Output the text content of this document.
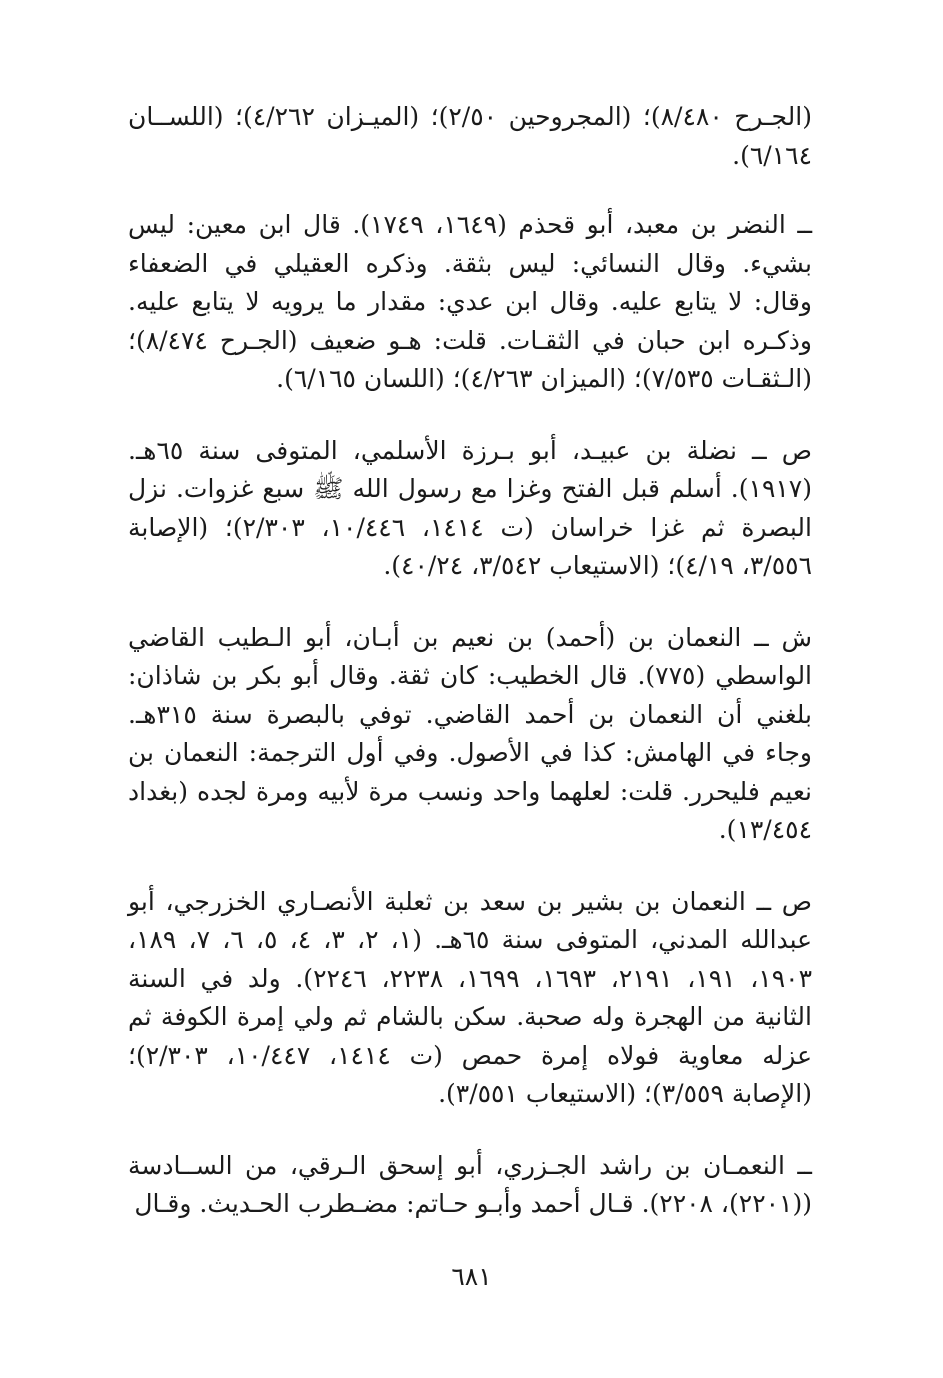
(الجـرح ٨/٤٨٠)؛ (المجروحين ٢/٥٠)؛ (الميـزان ٤/٢٦٢)؛ (اللســان ٦/١٦٤).

ــ النضر بن معبد، أبو قحذم (١٦٤٩، ١٧٤٩). قال ابن معين: ليس بشيء. وقال النسائي: ليس بثقة. وذكره العقيلي في الضعفاء وقال: لا يتابع عليه. وقال ابن عدي: مقدار ما يرويه لا يتابع عليه. وذكـره ابن حبان في الثقـات. قلت: هـو ضعيف (الجـرح ٨/٤٧٤)؛ (الـثقـات ٧/٥٣٥)؛ (الميزان ٤/٢٦٣)؛ (اللسان ٦/١٦٥).

ص ــ نضلة بن عبيـد، أبو بـرزة الأسلمي، المتوفى سنة ٦٥هـ. (١٩١٧). أسلم قبل الفتح وغزا مع رسول الله ﷺ سبع غزوات. نزل البصرة ثم غزا خراسان (ت ١٤١٤، ١٠/٤٤٦، ٢/٣٠٣)؛ (الإصابة ٣/٥٥٦، ٤/١٩)؛ (الاستيعاب ٣/٥٤٢، ٤٠/٢٤).

ش ــ النعمان بن (أحمد) بن نعيم بن أبـان، أبو الـطيب القاضي الواسطي (٧٧٥). قال الخطيب: كان ثقة. وقال أبو بكر بن شاذان: بلغني أن النعمان بن أحمد القاضي. توفي بالبصرة سنة ٣١٥هـ. وجاء في الهامش: كذا في الأصول. وفي أول الترجمة: النعمان بن نعيم فليحرر. قلت: لعلهما واحد ونسب مرة لأبيه ومرة لجده (بغداد ١٣/٤٥٤).

ص ــ النعمان بن بشير بن سعد بن ثعلبة الأنصـاري الخزرجي، أبو عبدالله المدني، المتوفى سنة ٦٥هـ. (١، ٢، ٣، ٤، ٥، ٦، ٧، ١٨٩، ١٩٠٣، ١٩١، ٢١٩١، ١٦٩٣، ١٦٩٩، ٢٢٣٨، ٢٢٤٦). ولد في السنة الثانية من الهجرة وله صحبة. سكن بالشام ثم ولي إمرة الكوفة ثم عزله معاوية فولاه إمرة حمص (ت ١٤١٤، ١٠/٤٤٧، ٢/٣٠٣)؛ (الإصابة ٣/٥٥٩)؛ (الاستيعاب ٣/٥٥١).

ــ النعمـان بن راشد الجـزري، أبو إسحق الـرقي، من الســادسة ((٢٢٠١)، ٢٢٠٨). قـال أحمد وأبـو حـاتم: مضـطرب الحـديث. وقـال

٦٨١
